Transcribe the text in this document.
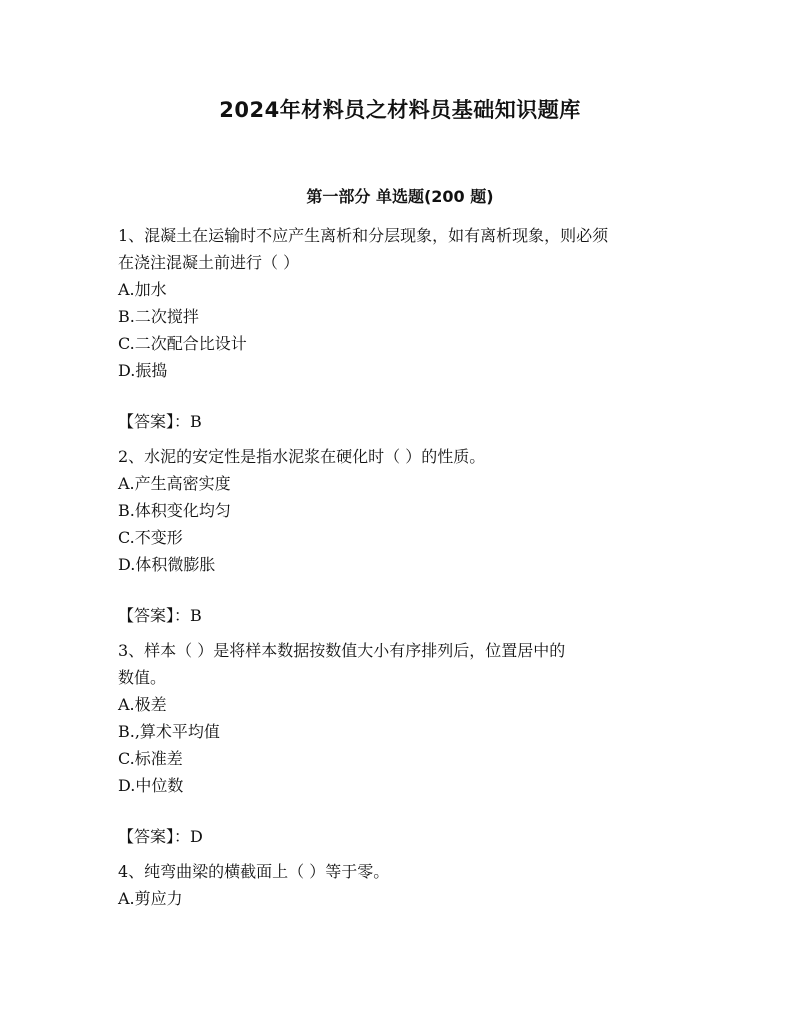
2024年材料员之材料员基础知识题库
第一部分 单选题(200 题)

1、混凝土在运输时不应产生离析和分层现象，如有离析现象，则必须

在浇注混凝土前进行（ ）

A.加水

B.二次搅拌

C.二次配合比设计

D.振捣

【答案】：B

2、水泥的安定性是指水泥浆在硬化时（ ）的性质。

A.产生高密实度

B.体积变化均匀

C.不变形

D.体积微膨胀

【答案】：B

3、样本（ ）是将样本数据按数值大小有序排列后，位置居中的

数值。

A.极差

B.,算术平均值

C.标准差

D.中位数

【答案】：D

4、纯弯曲梁的横截面上（ ）等于零。

A.剪应力
